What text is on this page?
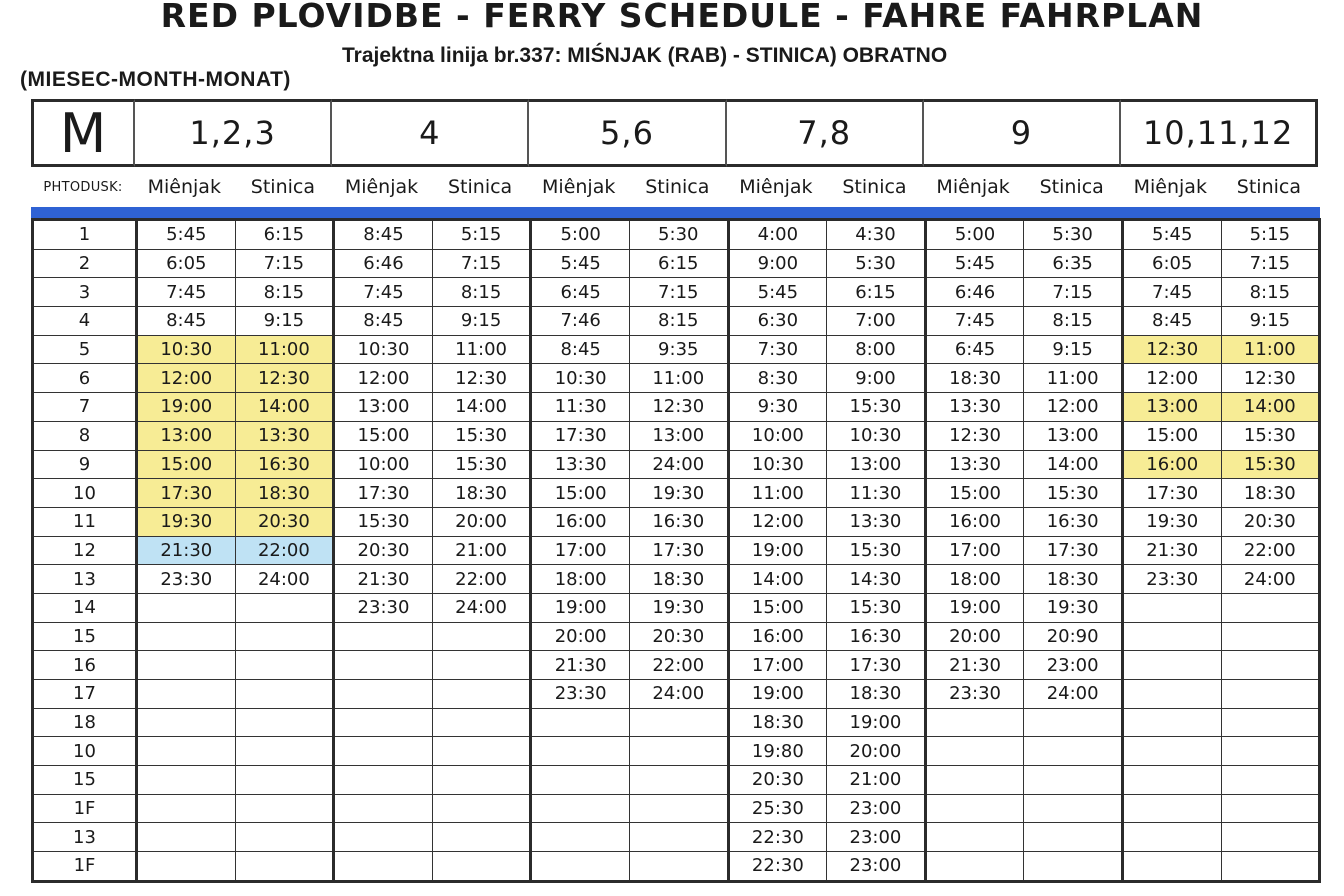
RED PLOVIDBE - FERRY SCHEDULE - FAHRE FAHRPLAN
Trajektna linija br.337: MIŚNJAK (RAB) - STINICA) OBRATNO
(MIESEC-MONTH-MONAT)
M	1,2,3	4	5,6	7,8	9	10,11,12
PHTODUSK:	Miênjak	Stinica	Miênjak	Stinica	Miênjak	Stinica	Miênjak	Stinica	Miênjak	Stinica	Miênjak	Stinica
1	5:45	6:15	8:45	5:15	5:00	5:30	4:00	4:30	5:00	5:30	5:45	5:15
2	6:05	7:15	6:46	7:15	5:45	6:15	9:00	5:30	5:45	6:35	6:05	7:15
3	7:45	8:15	7:45	8:15	6:45	7:15	5:45	6:15	6:46	7:15	7:45	8:15
4	8:45	9:15	8:45	9:15	7:46	8:15	6:30	7:00	7:45	8:15	8:45	9:15
5	10:30	11:00	10:30	11:00	8:45	9:35	7:30	8:00	6:45	9:15	12:30	11:00
6	12:00	12:30	12:00	12:30	10:30	11:00	8:30	9:00	18:30	11:00	12:00	12:30
7	19:00	14:00	13:00	14:00	11:30	12:30	9:30	15:30	13:30	12:00	13:00	14:00
8	13:00	13:30	15:00	15:30	17:30	13:00	10:00	10:30	12:30	13:00	15:00	15:30
9	15:00	16:30	10:00	15:30	13:30	24:00	10:30	13:00	13:30	14:00	16:00	15:30
10	17:30	18:30	17:30	18:30	15:00	19:30	11:00	11:30	15:00	15:30	17:30	18:30
11	19:30	20:30	15:30	20:00	16:00	16:30	12:00	13:30	16:00	16:30	19:30	20:30
12	21:30	22:00	20:30	21:00	17:00	17:30	19:00	15:30	17:00	17:30	21:30	22:00
13	23:30	24:00	21:30	22:00	18:00	18:30	14:00	14:30	18:00	18:30	23:30	24:00
14			23:30	24:00	19:00	19:30	15:00	15:30	19:00	19:30		
15					20:00	20:30	16:00	16:30	20:00	20:90		
16					21:30	22:00	17:00	17:30	21:30	23:00		
17					23:30	24:00	19:00	18:30	23:30	24:00		
18							18:30	19:00				
10							19:80	20:00				
15							20:30	21:00				
1F							25:30	23:00				
13							22:30	23:00				
1F							22:30	23:00				
